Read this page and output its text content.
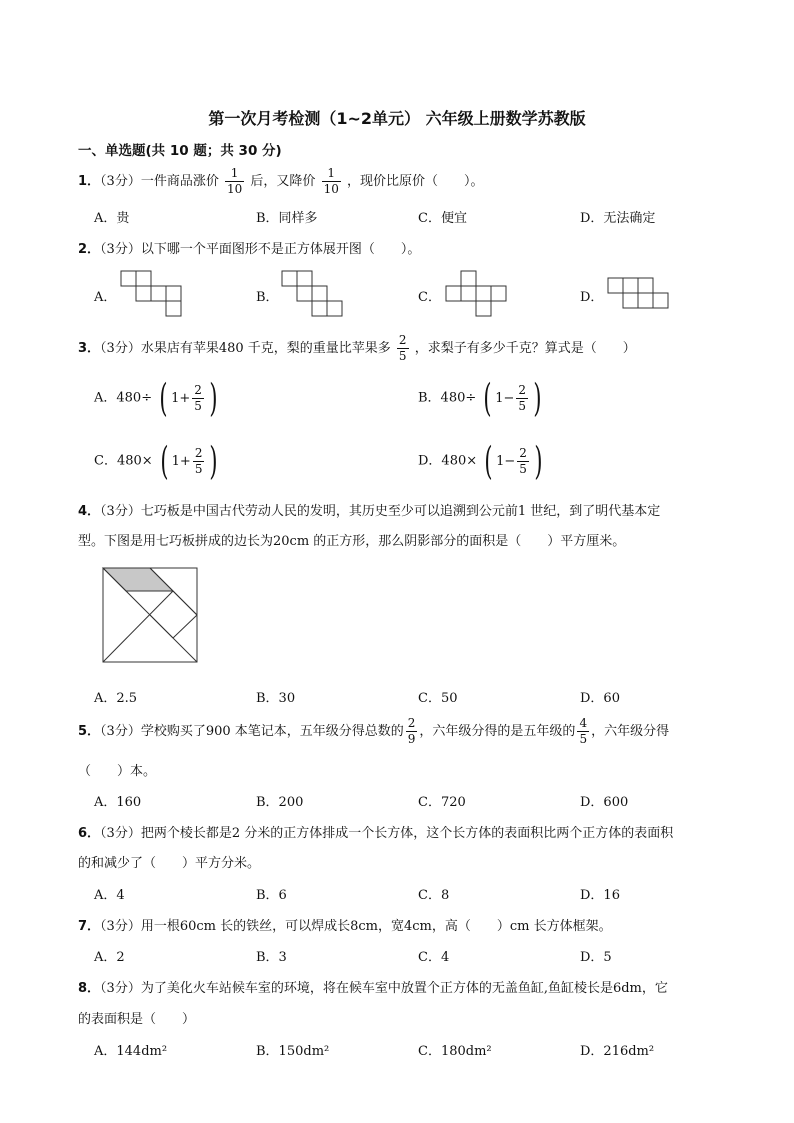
第一次月考检测（1~2单元） 六年级上册数学苏教版
一、单选题(共 10 题；共 30 分)
1．（3分）一件商品涨价 $\frac{1}{10}$ 后，又降价 $\frac{1}{10}$ ，现价比原价（　　）。
A．贵	B．同样多	C．便宜	D．无法确定
2．（3分）以下哪一个平面图形不是正方体展开图（　　）。
A．	B．	C．	D．
3．（3分）水果店有苹果480 千克，梨的重量比苹果多 $\frac{2}{5}$ ，求梨子有多少千克？算式是（　　）
A．480÷ ( $1 + \frac{2}{5}$ )	B．480÷ ( $1 - \frac{2}{5}$ )
C．480× ( $1 + \frac{2}{5}$ )	D．480× ( $1 - \frac{2}{5}$ )
4．（3分）七巧板是中国古代劳动人民的发明，其历史至少可以追溯到公元前1 世纪，到了明代基本定
型。下图是用七巧板拼成的边长为20cm 的正方形，那么阴影部分的面积是（　　）平方厘米。
A．2.5	B．30	C．50	D．60
5．（3分）学校购买了900 本笔记本，五年级分得总数的 $\frac{2}{9}$ ，六年级分得的是五年级的 $\frac{4}{5}$ ，六年级分得
（　　）本。
A．160	B．200	C．720	D．600
6．（3分）把两个棱长都是2 分米的正方体排成一个长方体，这个长方体的表面积比两个正方体的表面积
的和减少了（　　）平方分米。
A．4	B．6	C．8	D．16
7．（3分）用一根60cm 长的铁丝，可以焊成长8cm，宽4cm，高（　　）cm 长方体框架。
A．2	B．3	C．4	D．5
8．（3分）为了美化火车站候车室的环境，将在候车室中放置个正方体的无盖鱼缸,鱼缸棱长是6dm，它
的表面积是（　　）
A．144dm²	B．150dm²	C．180dm²	D．216dm²
